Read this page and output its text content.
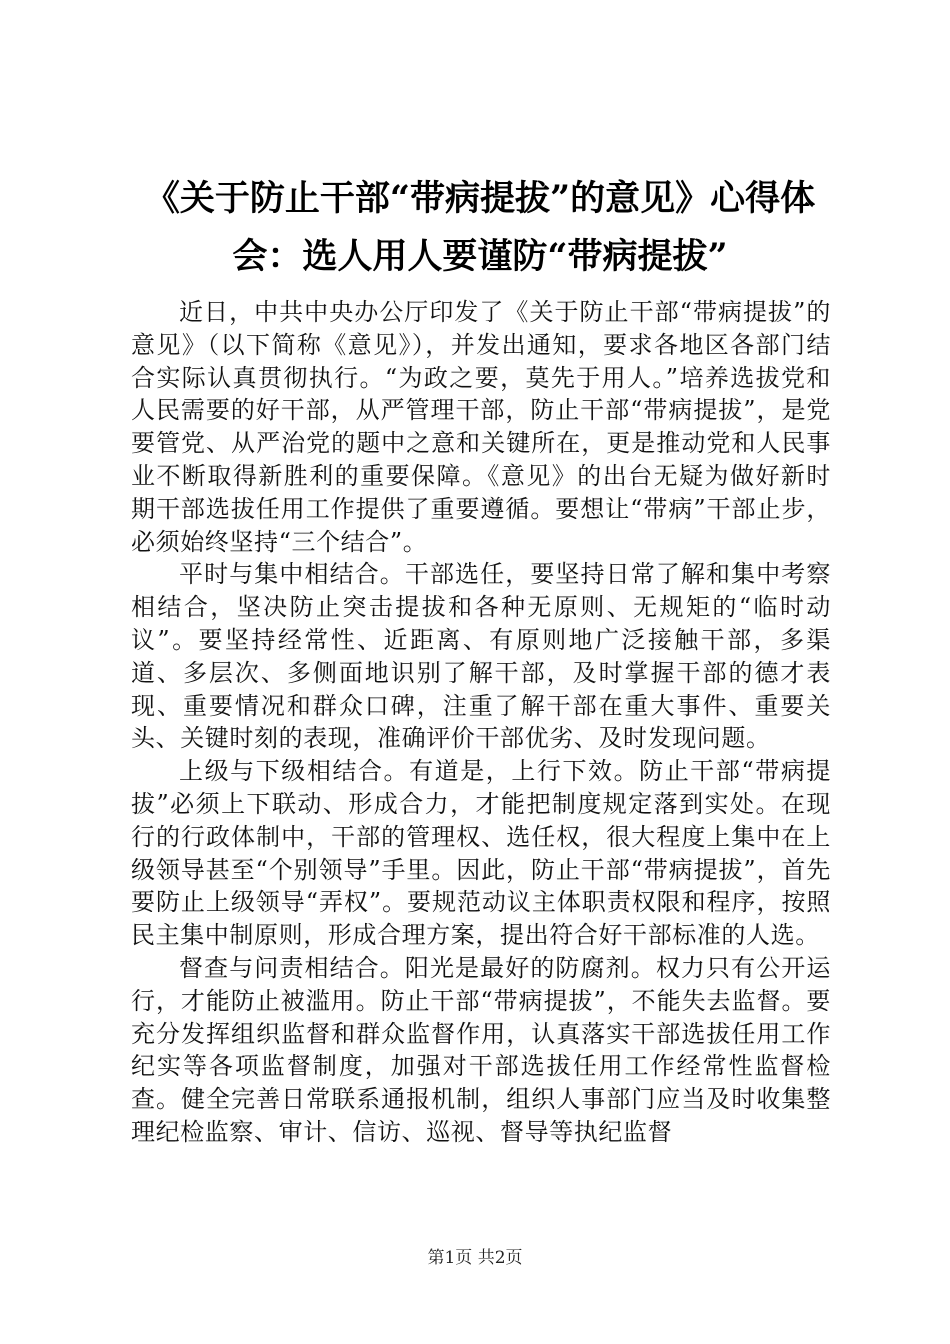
《关于防止干部“带病提拔”的意见》心得体
会：选人用人要谨防“带病提拔”

近日，中共中央办公厅印发了《关于防止干部“带病提拔”的意见》（以下简称《意见》），并发出通知，要求各地区各部门结合实际认真贯彻执行。“为政之要，莫先于用人。”培养选拔党和人民需要的好干部，从严管理干部，防止干部“带病提拔”，是党要管党、从严治党的题中之意和关键所在，更是推动党和人民事业不断取得新胜利的重要保障。《意见》的出台无疑为做好新时期干部选拔任用工作提供了重要遵循。要想让“带病”干部止步，必须始终坚持“三个结合”。

平时与集中相结合。干部选任，要坚持日常了解和集中考察相结合，坚决防止突击提拔和各种无原则、无规矩的“临时动议”。要坚持经常性、近距离、有原则地广泛接触干部，多渠道、多层次、多侧面地识别了解干部，及时掌握干部的德才表现、重要情况和群众口碑，注重了解干部在重大事件、重要关头、关键时刻的表现，准确评价干部优劣、及时发现问题。

上级与下级相结合。有道是，上行下效。防止干部“带病提拔”必须上下联动、形成合力，才能把制度规定落到实处。在现行的行政体制中，干部的管理权、选任权，很大程度上集中在上级领导甚至“个别领导”手里。因此，防止干部“带病提拔”，首先要防止上级领导“弄权”。要规范动议主体职责权限和程序，按照民主集中制原则，形成合理方案，提出符合好干部标准的人选。

督查与问责相结合。阳光是最好的防腐剂。权力只有公开运行，才能防止被滥用。防止干部“带病提拔”，不能失去监督。要充分发挥组织监督和群众监督作用，认真落实干部选拔任用工作纪实等各项监督制度，加强对干部选拔任用工作经常性监督检查。健全完善日常联系通报机制，组织人事部门应当及时收集整理纪检监察、审计、信访、巡视、督导等执纪监督

第1页 共2页
